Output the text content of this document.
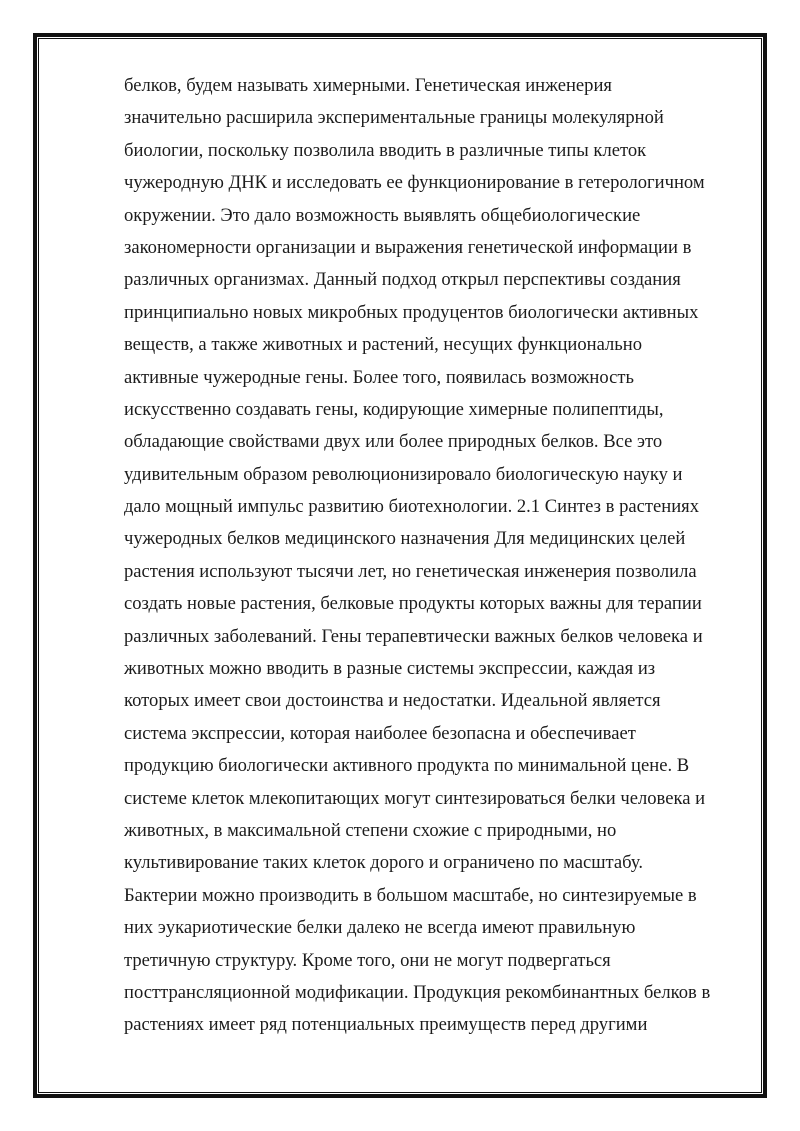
белков, будем называть химерными. Генетическая инженерия
значительно расширила экспериментальные границы молекулярной
биологии, поскольку позволила вводить в различные типы клеток
чужеродную ДНК и исследовать ее функционирование в гетерологичном
окружении. Это дало возможность выявлять общебиологические
закономерности организации и выражения генетической информации в
различных организмах. Данный подход открыл перспективы создания
принципиально новых микробных продуцентов биологически активных
веществ, а также животных и растений, несущих функционально
активные чужеродные гены. Более того, появилась возможность
искусственно создавать гены, кодирующие химерные полипептиды,
обладающие свойствами двух или более природных белков. Все это
удивительным образом революционизировало биологическую науку и
дало мощный импульс развитию биотехнологии. 2.1 Синтез в растениях
чужеродных белков медицинского назначения Для медицинских целей
растения используют тысячи лет, но генетическая инженерия позволила
создать новые растения, белковые продукты которых важны для терапии
различных заболеваний. Гены терапевтически важных белков человека и
животных можно вводить в разные системы экспрессии, каждая из
которых имеет свои достоинства и недостатки. Идеальной является
система экспрессии, которая наиболее безопасна и обеспечивает
продукцию биологически активного продукта по минимальной цене. В
системе клеток млекопитающих могут синтезироваться белки человека и
животных, в максимальной степени схожие с природными, но
культивирование таких клеток дорого и ограничено по масштабу.
Бактерии можно производить в большом масштабе, но синтезируемые в
них эукариотические белки далеко не всегда имеют правильную
третичную структуру. Кроме того, они не могут подвергаться
посттрансляционной модификации. Продукция рекомбинантных белков в
растениях имеет ряд потенциальных преимуществ перед другими
